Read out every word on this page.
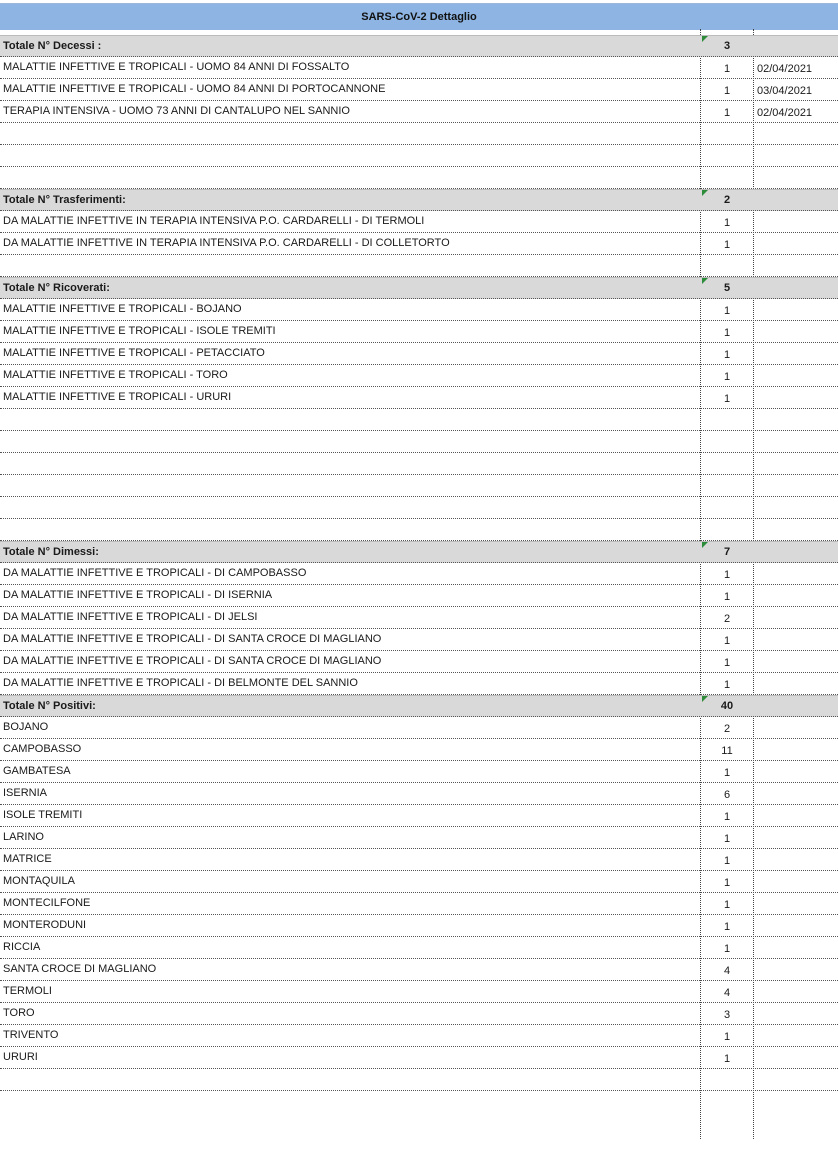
SARS-CoV-2 Dettaglio
Totale N° Decessi :	3
MALATTIE INFETTIVE E TROPICALI - UOMO 84 ANNI DI FOSSALTO	1	02/04/2021
MALATTIE INFETTIVE E TROPICALI - UOMO 84 ANNI DI PORTOCANNONE	1	03/04/2021
TERAPIA INTENSIVA - UOMO 73 ANNI DI CANTALUPO NEL SANNIO	1	02/04/2021
Totale N° Trasferimenti:	2
DA MALATTIE INFETTIVE IN TERAPIA INTENSIVA P.O. CARDARELLI - DI TERMOLI	1
DA MALATTIE INFETTIVE IN TERAPIA INTENSIVA P.O. CARDARELLI - DI COLLETORTO	1
Totale N° Ricoverati:	5
MALATTIE INFETTIVE E TROPICALI - BOJANO	1
MALATTIE INFETTIVE E TROPICALI - ISOLE TREMITI	1
MALATTIE INFETTIVE E TROPICALI - PETACCIATO	1
MALATTIE INFETTIVE E TROPICALI - TORO	1
MALATTIE INFETTIVE E TROPICALI - URURI	1
Totale N° Dimessi:	7
DA MALATTIE INFETTIVE E TROPICALI - DI CAMPOBASSO	1
DA MALATTIE INFETTIVE E TROPICALI - DI ISERNIA	1
DA MALATTIE INFETTIVE E TROPICALI - DI JELSI	2
DA MALATTIE INFETTIVE E TROPICALI - DI SANTA CROCE DI MAGLIANO	1
DA MALATTIE INFETTIVE E TROPICALI - DI SANTA CROCE DI MAGLIANO	1
DA MALATTIE INFETTIVE E TROPICALI - DI BELMONTE DEL SANNIO	1
Totale N° Positivi:	40
BOJANO	2
CAMPOBASSO	11
GAMBATESA	1
ISERNIA	6
ISOLE TREMITI	1
LARINO	1
MATRICE	1
MONTAQUILA	1
MONTECILFONE	1
MONTERODUNI	1
RICCIA	1
SANTA CROCE DI MAGLIANO	4
TERMOLI	4
TORO	3
TRIVENTO	1
URURI	1
